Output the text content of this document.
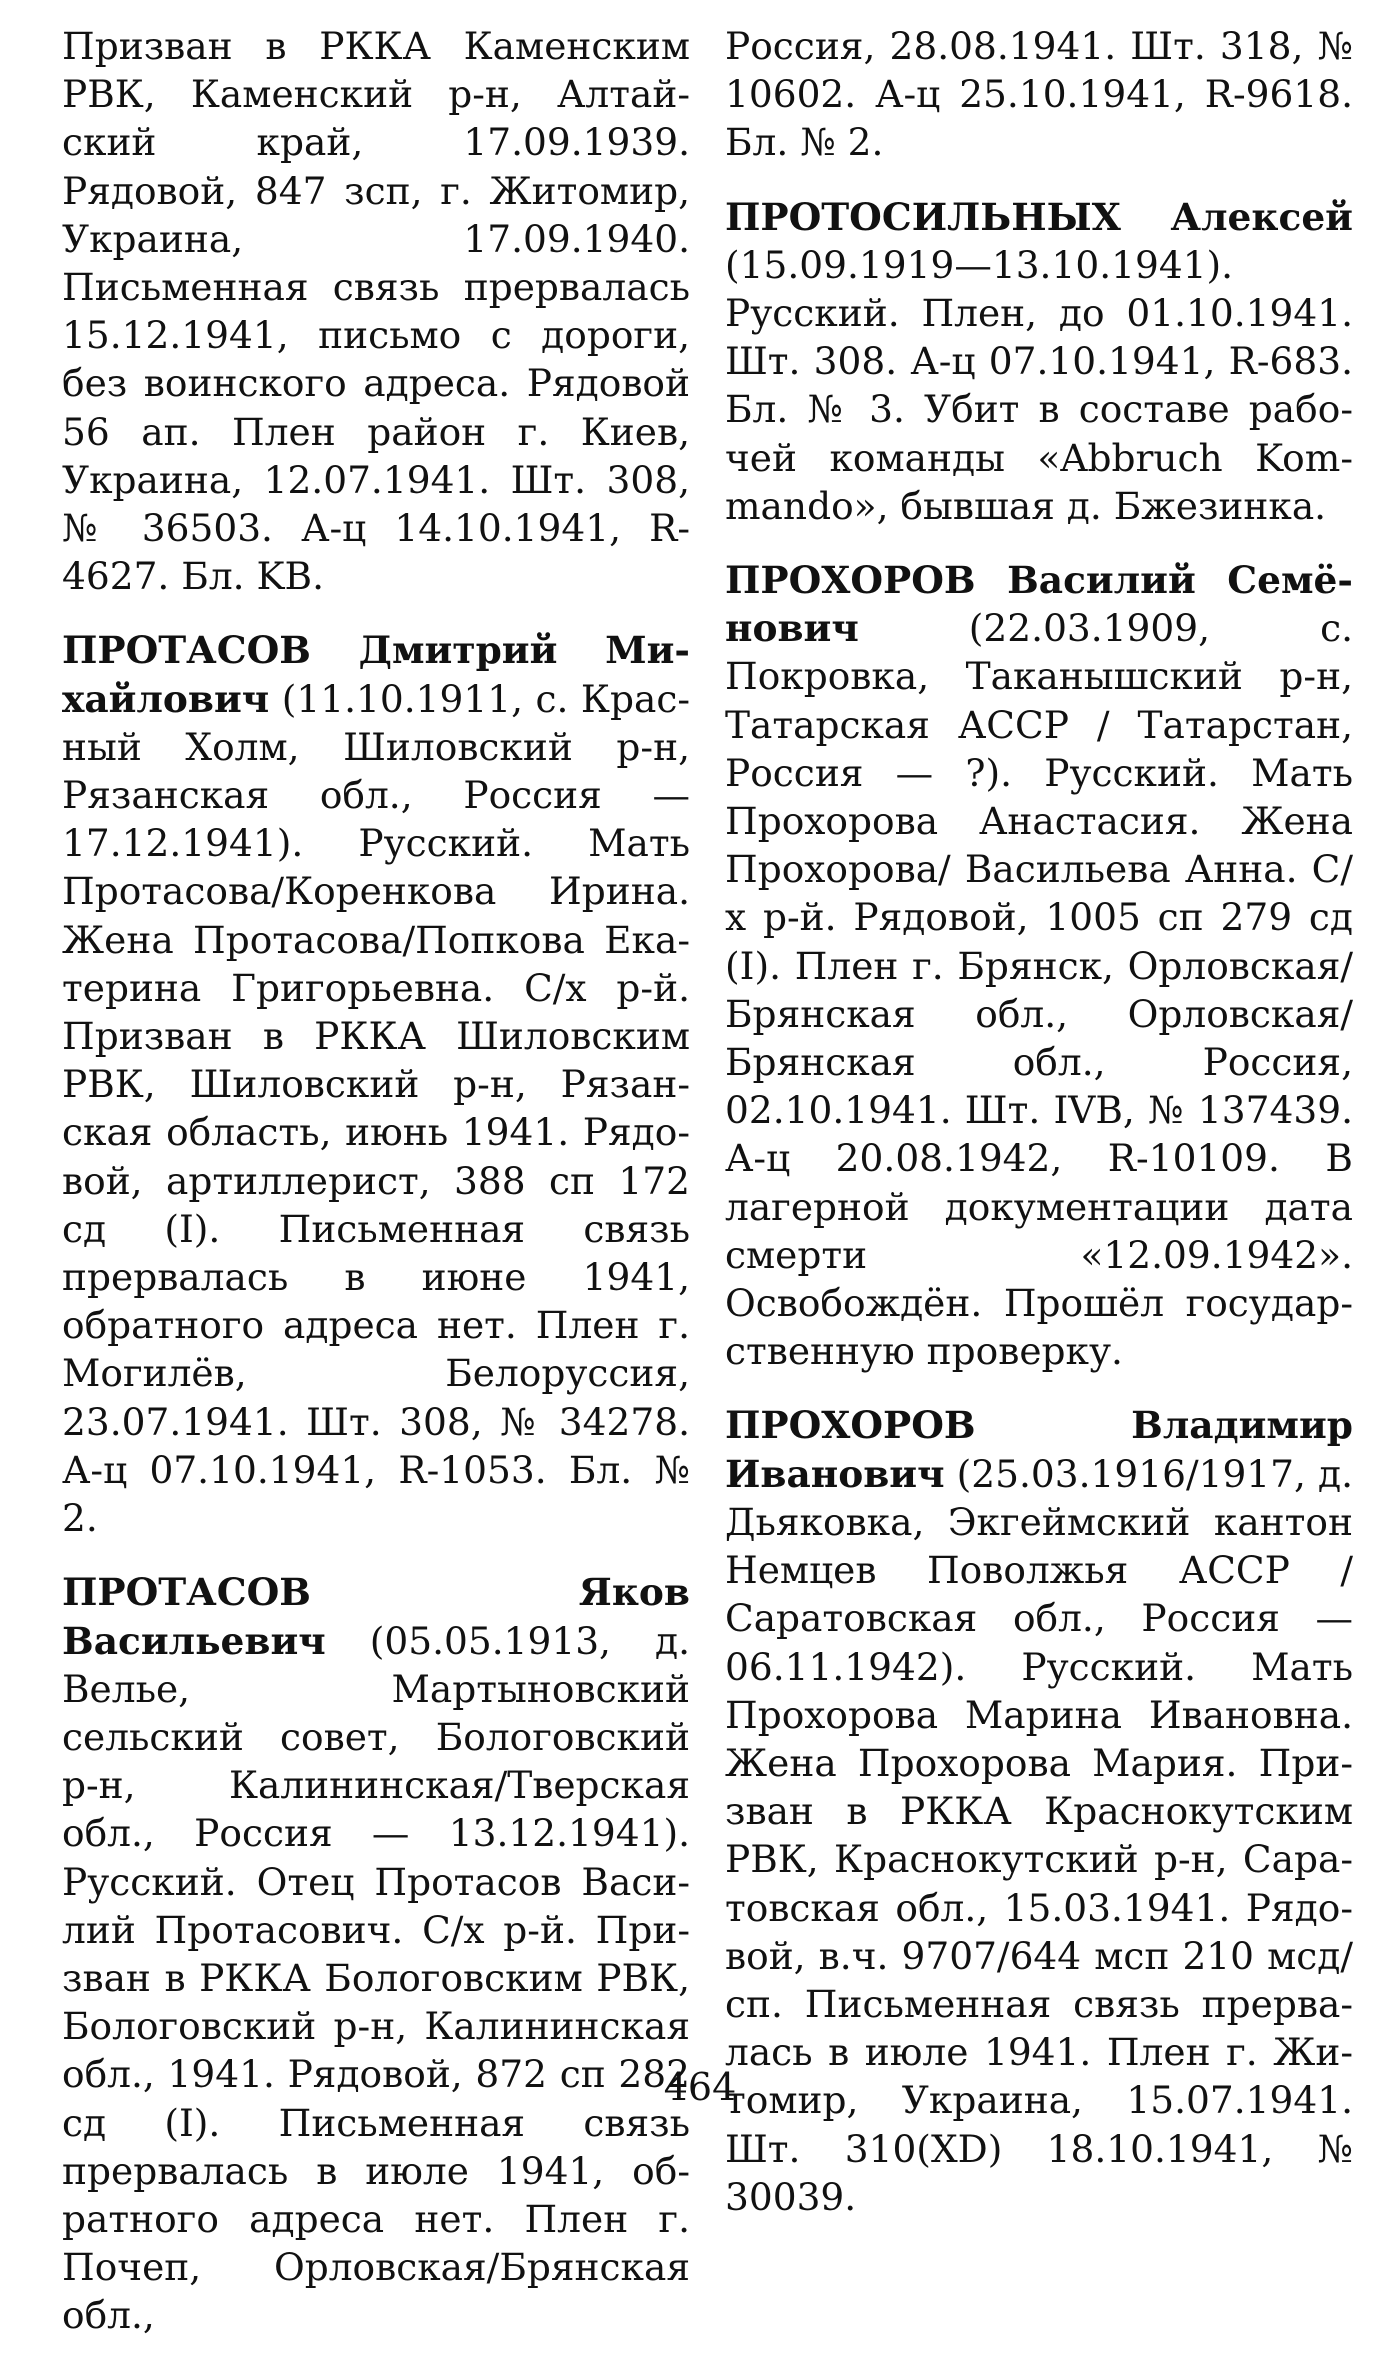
Призван в РККА Каменским РВК, Каменский р-н, Алтайский край, 17.09.1939. Рядовой, 847 зсп, г. Житомир, Украина, 17.09.1940. Письменная связь прервалась 15.12.1941, письмо с дороги, без воинского адреса. Рядовой 56 ап. Плен район г. Киев, Украина, 12.07.1941. Шт. 308, № 36503. А-ц 14.10.1941, R-4627. Бл. KB.

ПРОТАСОВ Дмитрий Михайлович (11.10.1911, с. Красный Холм, Шиловский р-н, Рязанская обл., Россия — 17.12.1941). Русский. Мать Протасова/Коренкова Ирина. Жена Протасова/Попкова Екатерина Григорьевна. С/х р-й. Призван в РККА Шиловским РВК, Шиловский р-н, Рязанская область, июнь 1941. Рядовой, артиллерист, 388 сп 172 сд (I). Письменная связь прервалась в июне 1941, обратного адреса нет. Плен г. Могилёв, Белоруссия, 23.07.1941. Шт. 308, № 34278. А-ц 07.10.1941, R-1053. Бл. № 2.

ПРОТАСОВ Яков Васильевич (05.05.1913, д. Велье, Мартыновский сельский совет, Бологовский р-н, Калининская/Тверская обл., Россия — 13.12.1941). Русский. Отец Протасов Василий Протасович. С/х р-й. Призван в РККА Бологовским РВК, Бологовский р-н, Калининская обл., 1941. Рядовой, 872 сп 282 сд (I). Письменная связь прервалась в июле 1941, обратного адреса нет. Плен г. Почеп, Орловская/Брянская обл.,

Россия, 28.08.1941. Шт. 318, № 10602. А-ц 25.10.1941, R-9618. Бл. № 2.

ПРОТОСИЛЬНЫХ Алексей (15.09.1919—13.10.1941). Русский. Плен, до 01.10.1941. Шт. 308. А-ц 07.10.1941, R-683. Бл. № 3. Убит в составе рабочей команды «Abbruch Kommando», бывшая д. Бжезинка.

ПРОХОРОВ Василий Семёнович	(22.03.1909, с. Покровка, Таканышский р-н, Татарская АССР / Татарстан, Россия — ?). Русский. Мать Прохорова Анастасия. Жена Прохорова/ Васильева Анна. С/х р-й. Рядовой, 1005 сп 279 сд (I). Плен г. Брянск, Орловская/Брянская обл., Орловская/Брянская обл., Россия, 02.10.1941. Шт. IVB, № 137439. А-ц 20.08.1942, R-10109. В лагерной документации дата смерти «12.09.1942». Освобождён. Прошёл государственную проверку.

ПРОХОРОВ Владимир Иванович (25.03.1916/1917, д. Дьяковка, Экгеймский кантон Немцев Поволжья АССР / Саратовская обл., Россия — 06.11.1942). Русский. Мать Прохорова Марина Ивановна. Жена Прохорова Мария. Призван в РККА Краснокутским РВК, Краснокутский р-н, Саратовская обл., 15.03.1941. Рядовой, в.ч. 9707/644 мсп 210 мсд/ сп. Письменная связь прервалась в июле 1941. Плен г. Житомир, Украина, 15.07.1941. Шт. 310(XD) 18.10.1941, № 30039.

464
